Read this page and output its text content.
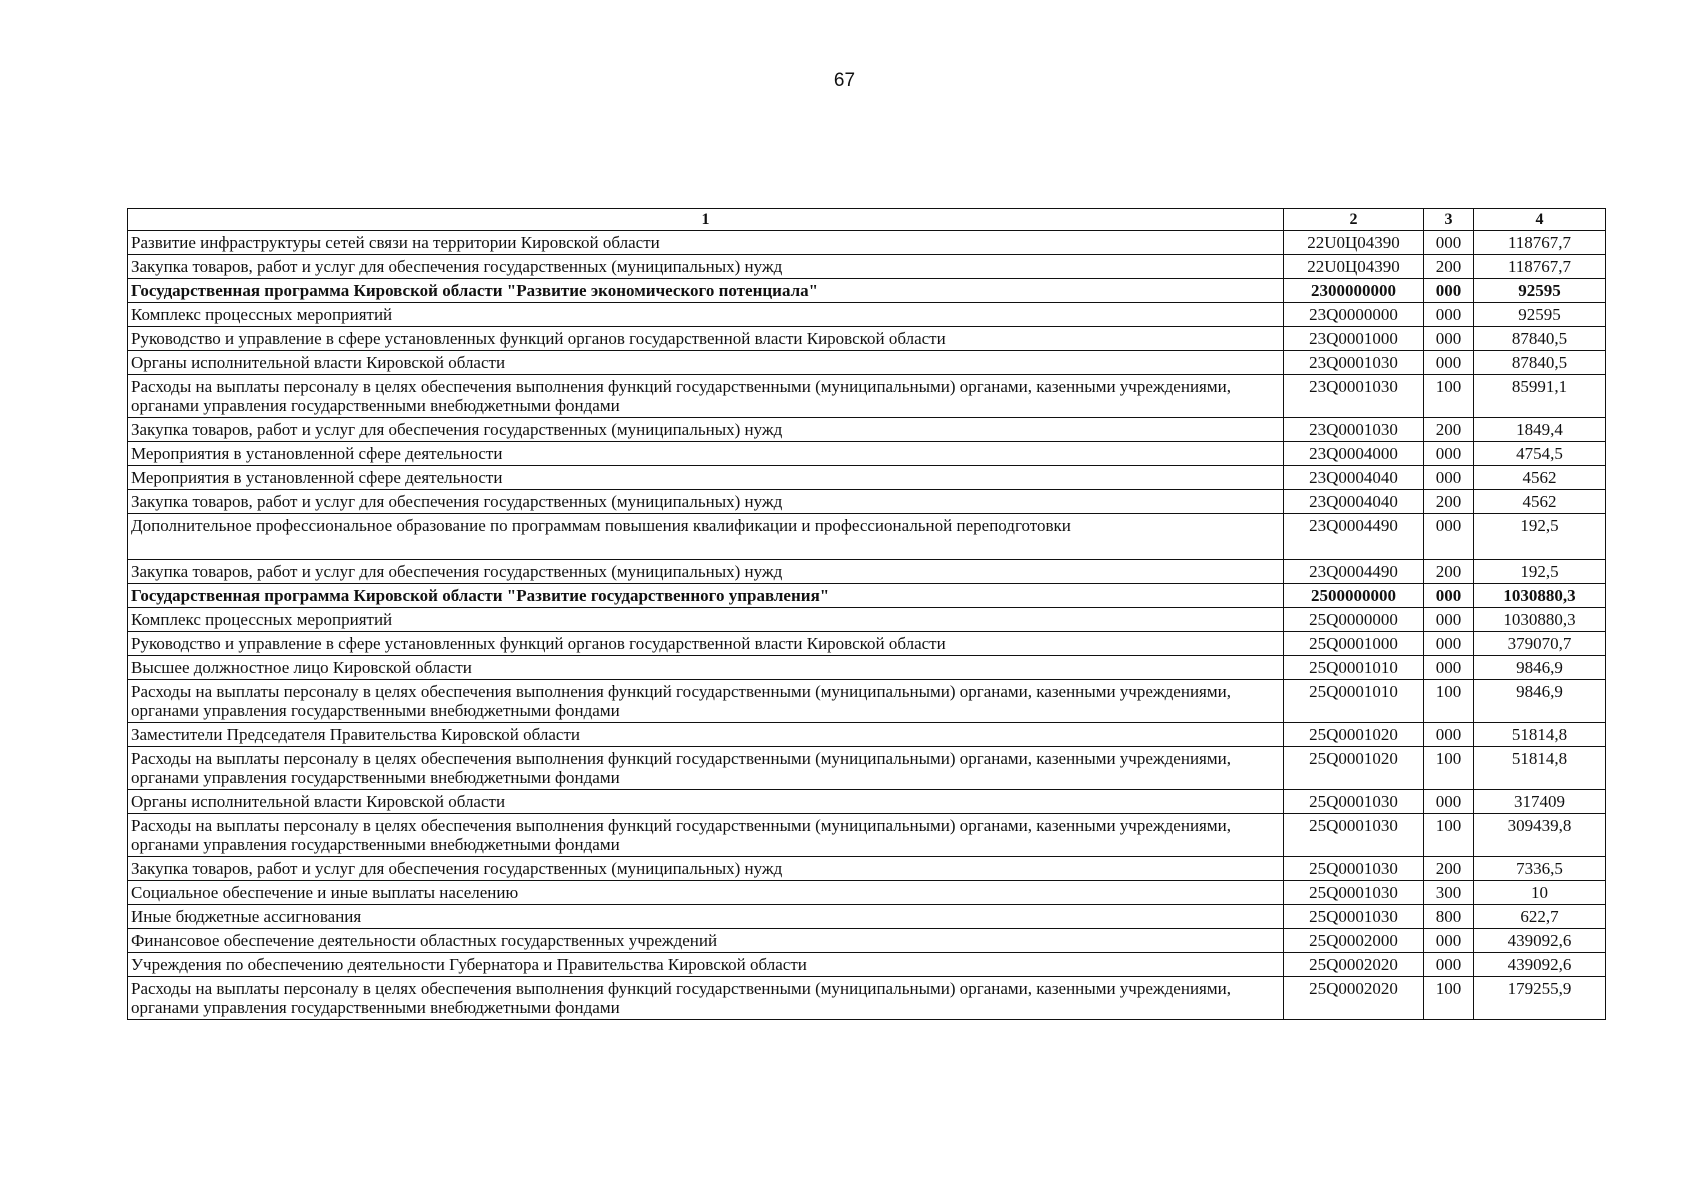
67
1	2	3	4
Развитие инфраструктуры сетей связи на территории Кировской области	22U0Ц04390	000	118767,7
Закупка товаров, работ и услуг для обеспечения государственных (муниципальных) нужд	22U0Ц04390	200	118767,7
Государственная программа Кировской области "Развитие экономического потенциала"	2300000000	000	92595
Комплекс процессных мероприятий	23Q0000000	000	92595
Руководство и управление в сфере установленных функций органов государственной власти Кировской области	23Q0001000	000	87840,5
Органы исполнительной власти Кировской области	23Q0001030	000	87840,5
Расходы на выплаты персоналу в целях обеспечения выполнения функций государственными (муниципальными) органами, казенными учреждениями, органами управления государственными внебюджетными фондами	23Q0001030	100	85991,1
Закупка товаров, работ и услуг для обеспечения государственных (муниципальных) нужд	23Q0001030	200	1849,4
Мероприятия в установленной сфере деятельности	23Q0004000	000	4754,5
Мероприятия в установленной сфере деятельности	23Q0004040	000	4562
Закупка товаров, работ и услуг для обеспечения государственных (муниципальных) нужд	23Q0004040	200	4562
Дополнительное профессиональное образование по программам повышения квалификации и профессиональной переподготовки	23Q0004490	000	192,5
Закупка товаров, работ и услуг для обеспечения государственных (муниципальных) нужд	23Q0004490	200	192,5
Государственная программа Кировской области "Развитие государственного управления"	2500000000	000	1030880,3
Комплекс процессных мероприятий	25Q0000000	000	1030880,3
Руководство и управление в сфере установленных функций органов государственной власти Кировской области	25Q0001000	000	379070,7
Высшее должностное лицо Кировской области	25Q0001010	000	9846,9
Расходы на выплаты персоналу в целях обеспечения выполнения функций государственными (муниципальными) органами, казенными учреждениями, органами управления государственными внебюджетными фондами	25Q0001010	100	9846,9
Заместители Председателя Правительства Кировской области	25Q0001020	000	51814,8
Расходы на выплаты персоналу в целях обеспечения выполнения функций государственными (муниципальными) органами, казенными учреждениями, органами управления государственными внебюджетными фондами	25Q0001020	100	51814,8
Органы исполнительной власти Кировской области	25Q0001030	000	317409
Расходы на выплаты персоналу в целях обеспечения выполнения функций государственными (муниципальными) органами, казенными учреждениями, органами управления государственными внебюджетными фондами	25Q0001030	100	309439,8
Закупка товаров, работ и услуг для обеспечения государственных (муниципальных) нужд	25Q0001030	200	7336,5
Социальное обеспечение и иные выплаты населению	25Q0001030	300	10
Иные бюджетные ассигнования	25Q0001030	800	622,7
Финансовое обеспечение деятельности областных государственных учреждений	25Q0002000	000	439092,6
Учреждения по обеспечению деятельности Губернатора и Правительства Кировской области	25Q0002020	000	439092,6
Расходы на выплаты персоналу в целях обеспечения выполнения функций государственными (муниципальными) органами, казенными учреждениями, органами управления государственными внебюджетными фондами	25Q0002020	100	179255,9
